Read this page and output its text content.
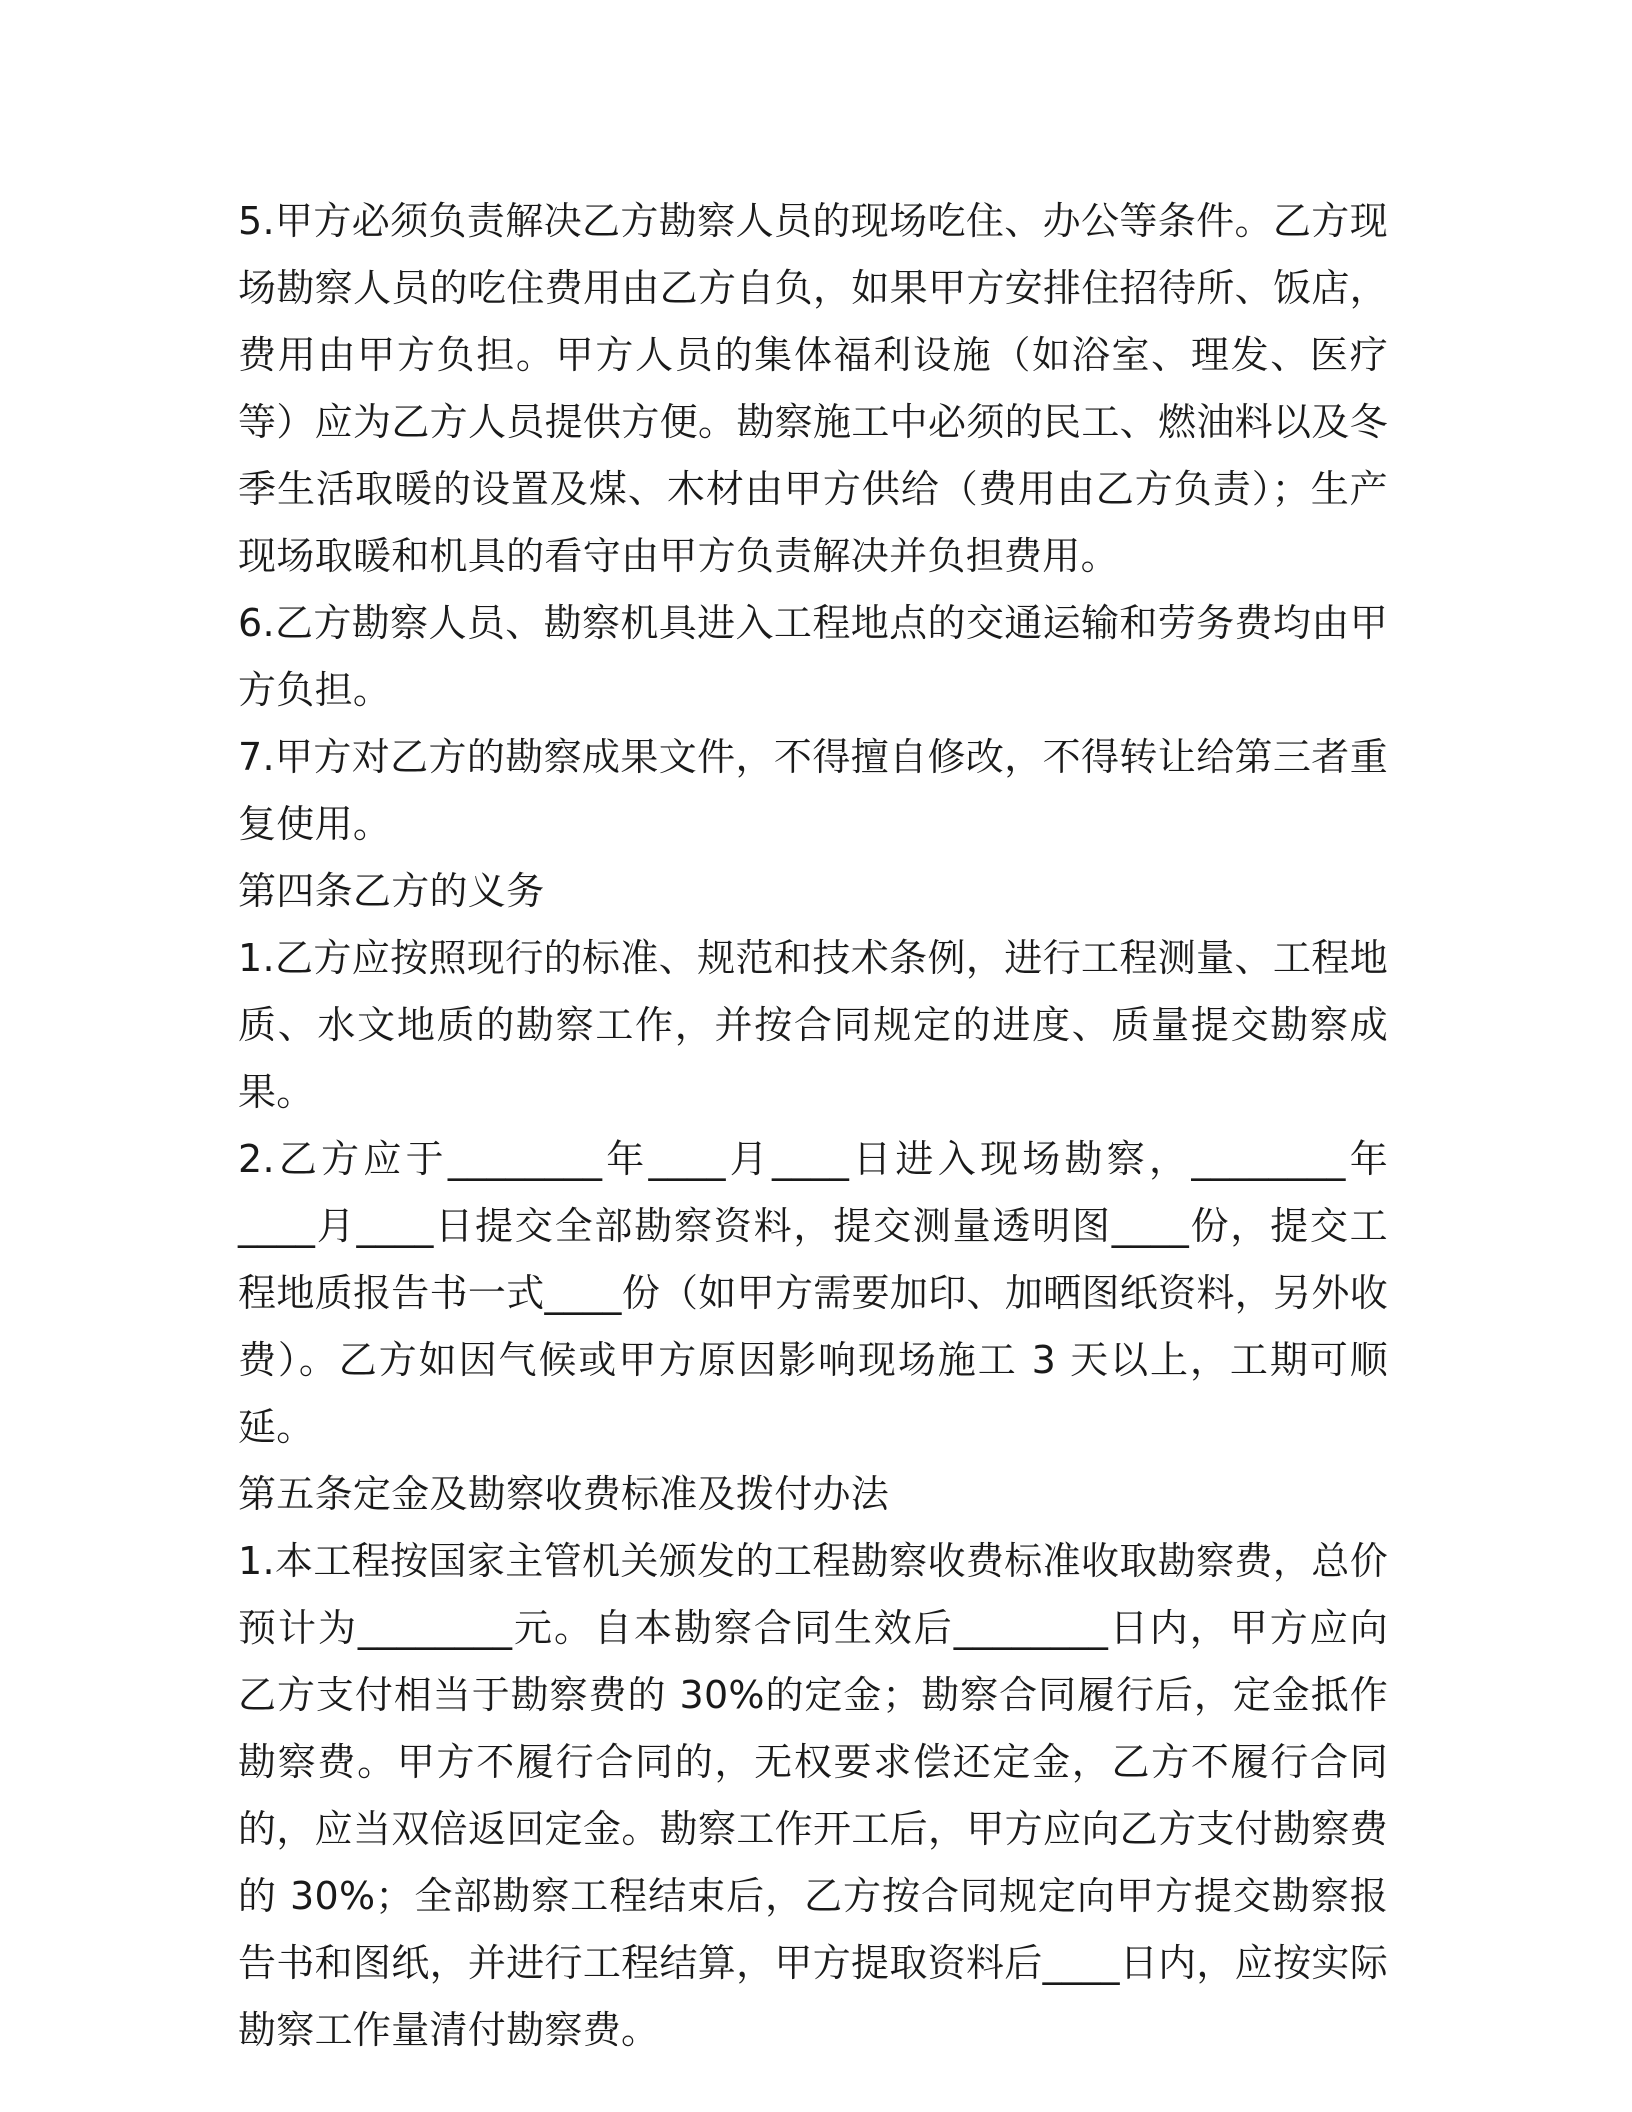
5.甲方必须负责解决乙方勘察人员的现场吃住、办公等条件。乙方现场勘察人员的吃住费用由乙方自负，如果甲方安排住招待所、饭店，费用由甲方负担。甲方人员的集体福利设施（如浴室、理发、医疗等）应为乙方人员提供方便。勘察施工中必须的民工、燃油料以及冬季生活取暖的设置及煤、木材由甲方供给（费用由乙方负责）；生产现场取暖和机具的看守由甲方负责解决并负担费用。

6.乙方勘察人员、勘察机具进入工程地点的交通运输和劳务费均由甲方负担。

7.甲方对乙方的勘察成果文件，不得擅自修改，不得转让给第三者重复使用。

第四条乙方的义务

1.乙方应按照现行的标准、规范和技术条例，进行工程测量、工程地质、水文地质的勘察工作，并按合同规定的进度、质量提交勘察成果。

2.乙方应于________年____月____日进入现场勘察，________年____月____日提交全部勘察资料，提交测量透明图____份，提交工程地质报告书一式____份（如甲方需要加印、加晒图纸资料，另外收费）。乙方如因气候或甲方原因影响现场施工 3 天以上，工期可顺延。

第五条定金及勘察收费标准及拨付办法

1.本工程按国家主管机关颁发的工程勘察收费标准收取勘察费，总价预计为________元。自本勘察合同生效后________日内，甲方应向乙方支付相当于勘察费的 30%的定金；勘察合同履行后，定金抵作勘察费。甲方不履行合同的，无权要求偿还定金，乙方不履行合同的，应当双倍返回定金。勘察工作开工后，甲方应向乙方支付勘察费的 30%；全部勘察工程结束后，乙方按合同规定向甲方提交勘察报告书和图纸，并进行工程结算，甲方提取资料后____日内，应按实际勘察工作量清付勘察费。
